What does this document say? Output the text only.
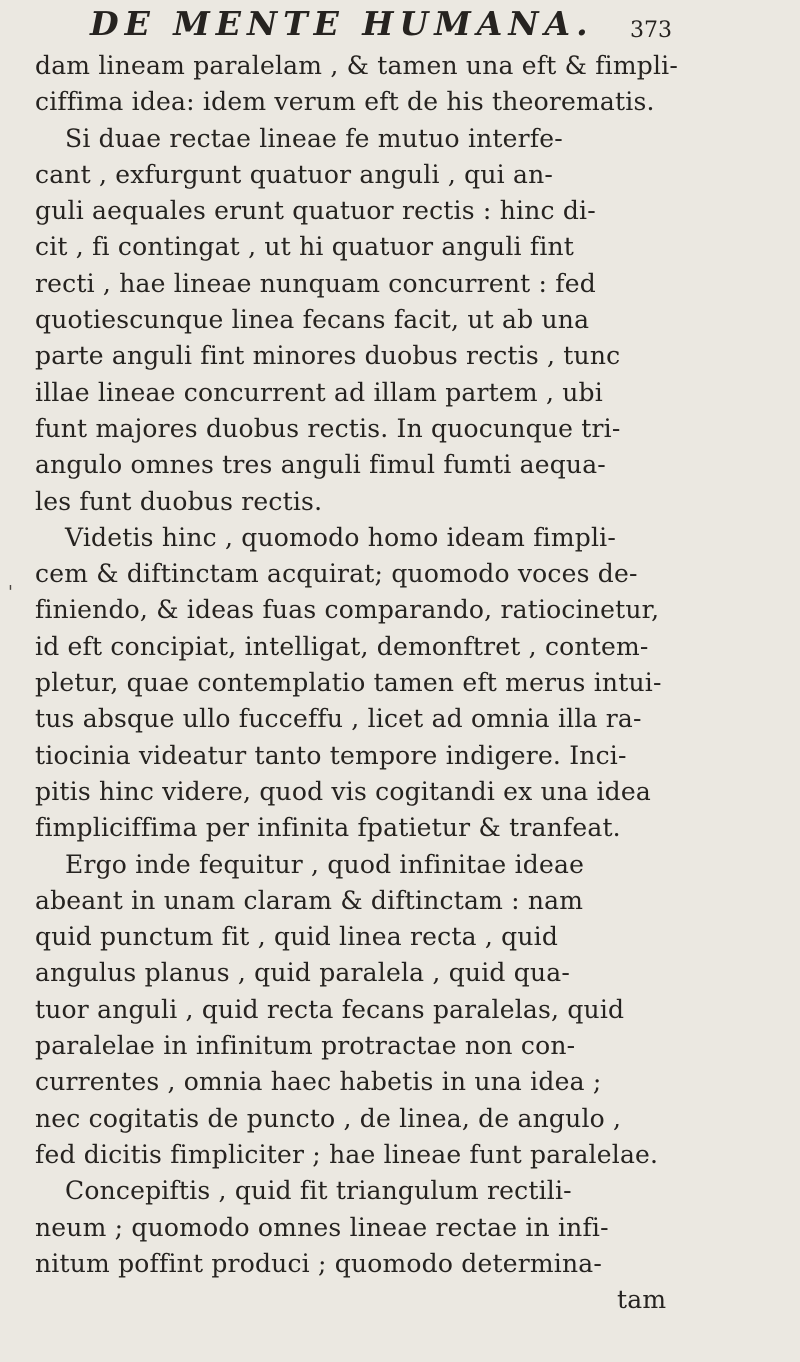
DE MENTE HUMANA. 373
'
dam lineam paralelam , & tamen una eft & fimpli-
ciffima idea: idem verum eft de his theorematis.
Si duae rectae lineae fe mutuo interfe-
cant , exfurgunt quatuor anguli , qui an-
guli aequales erunt quatuor rectis : hinc di-
cit , fi contingat , ut hi quatuor anguli fint
recti , hae lineae nunquam concurrent : fed
quotiescunque linea fecans facit, ut ab una
parte anguli fint minores duobus rectis , tunc
illae lineae concurrent ad illam partem , ubi
funt majores duobus rectis. In quocunque tri-
angulo omnes tres anguli fimul fumti aequa-
les funt duobus rectis.
Videtis hinc , quomodo homo ideam fimpli-
cem & diftinctam acquirat; quomodo voces de-
finiendo, & ideas fuas comparando, ratiocinetur,
id eft concipiat, intelligat, demonftret , contem-
pletur, quae contemplatio tamen eft merus intui-
tus absque ullo fucceffu , licet ad omnia illa ra-
tiocinia videatur tanto tempore indigere. Inci-
pitis hinc videre, quod vis cogitandi ex una idea
fimpliciffima per infinita fpatietur & tranfeat.
Ergo inde fequitur , quod infinitae ideae
abeant in unam claram & diftinctam : nam
quid punctum fit , quid linea recta , quid
angulus planus , quid paralela , quid qua-
tuor anguli , quid recta fecans paralelas, quid
paralelae in infinitum protractae non con-
currentes , omnia haec habetis in una idea ;
nec cogitatis de puncto , de linea, de angulo ,
fed dicitis fimpliciter ; hae lineae funt paralelae.
Concepiftis , quid fit triangulum rectili-
neum ; quomodo omnes lineae rectae in infi-
nitum poffint produci ; quomodo determina-
tam
